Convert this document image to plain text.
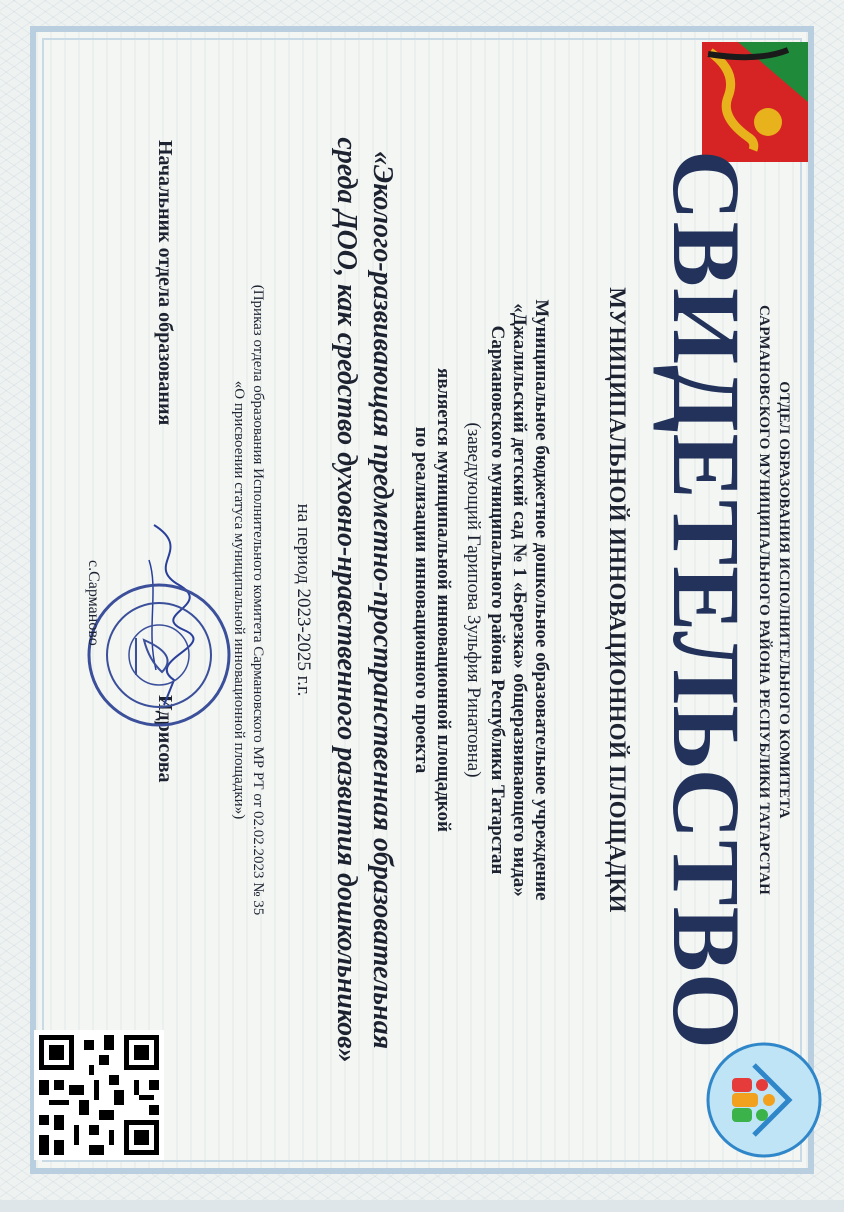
ОТДЕЛ ОБРАЗОВАНИЯ ИСПОЛНИТЕЛЬНОГО КОМИТЕТА
САРМАНОВСКОГО МУНИЦИПАЛЬНОГО РАЙОНА РЕСПУБЛИКИ ТАТАРСТАН
СВИДЕТЕЛЬСТВО
МУНИЦИПАЛЬНОЙ ИННОВАЦИОННОЙ ПЛОЩАДКИ
Муниципальное бюджетное дошкольное образовательное учреждение
«Джалильский детский сад № 1 «Березка» общеразвивающего вида»
Сармановского муниципального района Республики Татарстан
(заведующий Гарипова Зульфия Ринатовна)
является муниципальной инновационной площадкой
по реализации инновационного проекта
«Эколого-развивающая предметно-пространственная образовательная
среда ДОО, как средство духовно-нравственного развития дошкольников»
на период 2023-2025 г.г.
(Приказ отдела образования Исполнительного комитета Сармановского МР РТ от 02.02.2023 № 35
«О присвоении статуса муниципальной инновационной площадки»)
Начальник отдела образования
Идрисова
с.Сарманово
